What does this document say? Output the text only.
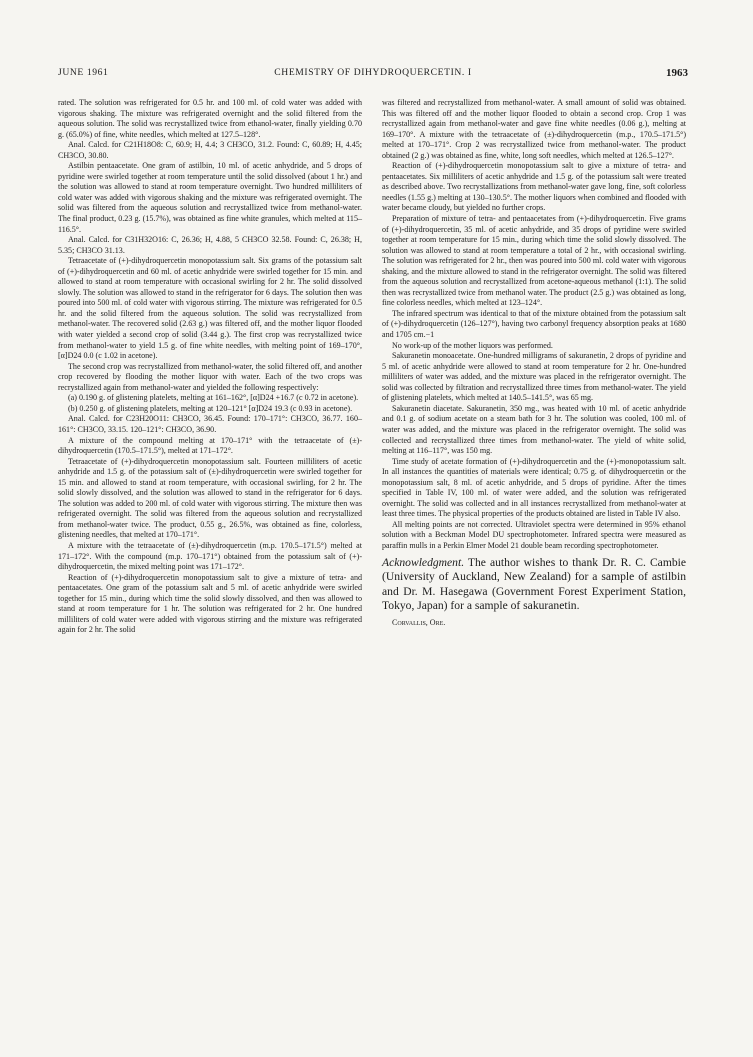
JUNE 1961	CHEMISTRY OF DIHYDROQUERCETIN. I	1963

rated. The solution was refrigerated for 0.5 hr. and 100 ml. of cold water was added with vigorous shaking. The mixture was refrigerated overnight and the solid filtered from the aqueous solution. The solid was recrystallized twice from ethanol-water, finally yielding 0.70 g. (65.0%) of fine, white needles, which melted at 127.5–128°.

Anal. Calcd. for C21H18O8: C, 60.9; H, 4.4; 3 CH3CO, 31.2. Found: C, 60.89; H, 4.45; CH3CO, 30.80.

Astilbin pentaacetate. One gram of astilbin, 10 ml. of acetic anhydride, and 5 drops of pyridine were swirled together at room temperature until the solid dissolved (about 1 hr.) and the solution was allowed to stand at room temperature overnight. Two hundred milliliters of cold water was added with vigorous shaking and the mixture was refrigerated overnight. The solid was filtered from the aqueous solution and recrystallized twice from methanol-water. The final product, 0.23 g. (15.7%), was obtained as fine white granules, which melted at 115–116.5°.

Anal. Calcd. for C31H32O16: C, 26.36; H, 4.88, 5 CH3CO 32.58. Found: C, 26.38; H, 5.35; CH3CO 31.13.

Tetraacetate of (+)-dihydroquercetin monopotassium salt. Six grams of the potassium salt of (+)-dihydroquercetin and 60 ml. of acetic anhydride were swirled together for 15 min. and allowed to stand at room temperature with occasional swirling for 2 hr. The solid dissolved slowly. The solution was allowed to stand in the refrigerator for 6 days. The solution then was poured into 500 ml. of cold water with vigorous stirring. The mixture was refrigerated for 0.5 hr. and the solid filtered from the aqueous solution. The solid was recrystallized from methanol-water. The recovered solid (2.63 g.) was filtered off, and the mother liquor flooded with water yielded a second crop of solid (3.44 g.). The first crop was recrystallized twice from methanol-water to yield 1.5 g. of fine white needles, with melting point of 169–170°, [α]D24 0.0 (c 1.02 in acetone).

The second crop was recrystallized from methanol-water, the solid filtered off, and another crop recovered by flooding the mother liquor with water. Each of the two crops was recrystallized again from methanol-water and yielded the following respectively:

(a) 0.190 g. of glistening platelets, melting at 161–162°, [α]D24 +16.7 (c 0.72 in acetone).

(b) 0.250 g. of glistening platelets, melting at 120–121° [α]D24 19.3 (c 0.93 in acetone).

Anal. Calcd. for C23H20O11: CH3CO, 36.45. Found: 170–171°: CH3CO, 36.77. 160–161°: CH3CO, 33.15. 120–121°: CH3CO, 36.90.

A mixture of the compound melting at 170–171° with the tetraacetate of (±)-dihydroquercetin (170.5–171.5°), melted at 171–172°.

Tetraacetate of (+)-dihydroquercetin monopotassium salt. Fourteen milliliters of acetic anhydride and 1.5 g. of the potassium salt of (±)-dihydroquercetin were swirled together for 15 min. and allowed to stand at room temperature, with occasional swirling, for 2 hr. The solid slowly dissolved, and the solution was allowed to stand in the refrigerator for 6 days. The solution was added to 200 ml. of cold water with vigorous stirring. The mixture then was refrigerated overnight. The solid was filtered from the aqueous solution and recrystallized from methanol-water twice. The product, 0.55 g., 26.5%, was obtained as fine, colorless, glistening needles, that melted at 170–171°.

A mixture with the tetraacetate of (±)-dihydroquercetin (m.p. 170.5–171.5°) melted at 171–172°. With the compound (m.p. 170–171°) obtained from the potassium salt of (+)-dihydroquercetin, the mixed melting point was 171–172°.

Reaction of (+)-dihydroquercetin monopotassium salt to give a mixture of tetra- and pentaacetates. One gram of the potassium salt and 5 ml. of acetic anhydride were swirled together for 15 min., during which time the solid slowly dissolved, and then was allowed to stand at room temperature for 1 hr. The solution was refrigerated for 2 hr. One hundred milliliters of cold water were added with vigorous stirring and the mixture was refrigerated again for 2 hr. The solid

was filtered and recrystallized from methanol-water. A small amount of solid was obtained. This was filtered off and the mother liquor flooded to obtain a second crop. Crop 1 was recrystallized again from methanol-water and gave fine white needles (0.06 g.), melting at 169–170°. A mixture with the tetraacetate of (±)-dihydroquercetin (m.p., 170.5–171.5°) melted at 170–171°. Crop 2 was recrystallized twice from methanol-water. The product obtained (2 g.) was obtained as fine, white, long soft needles, which melted at 126.5–127°.

Reaction of (+)-dihydroquercetin monopotassium salt to give a mixture of tetra- and pentaacetates. Six milliliters of acetic anhydride and 1.5 g. of the potassium salt were treated as described above. Two recrystallizations from methanol-water gave long, fine, soft colorless needles (1.55 g.) melting at 130–130.5°. The mother liquors when combined and flooded with water became cloudy, but yielded no further crops.

Preparation of mixture of tetra- and pentaacetates from (+)-dihydroquercetin. Five grams of (+)-dihydroquercetin, 35 ml. of acetic anhydride, and 35 drops of pyridine were swirled together at room temperature for 15 min., during which time the solid slowly dissolved. The solution was allowed to stand at room temperature a total of 2 hr., with occasional swirling. The solution was refrigerated for 2 hr., then was poured into 500 ml. cold water with vigorous shaking, and the mixture allowed to stand in the refrigerator overnight. The solid was filtered from the aqueous solution and recrystallized from acetone-aqueous methanol (1:1). The solid then was recrystallized twice from methanol water. The product (2.5 g.) was obtained as long, fine colorless needles, which melted at 123–124°.

The infrared spectrum was identical to that of the mixture obtained from the potassium salt of (+)-dihydroquercetin (126–127°), having two carbonyl frequency absorption peaks at 1680 and 1705 cm.−1

No work-up of the mother liquors was performed.

Sakuranetin monoacetate. One-hundred milligrams of sakuranetin, 2 drops of pyridine and 5 ml. of acetic anhydride were allowed to stand at room temperature for 2 hr. One-hundred milliliters of water was added, and the mixture was placed in the refrigerator overnight. The solid was collected by filtration and recrystallized three times from methanol-water. The yield of glistening platelets, which melted at 140.5–141.5°, was 65 mg.

Sakuranetin diacetate. Sakuranetin, 350 mg., was heated with 10 ml. of acetic anhydride and 0.1 g. of sodium acetate on a steam bath for 3 hr. The solution was cooled, 100 ml. of water was added, and the mixture was placed in the refrigerator overnight. The solid was collected and recrystallized three times from methanol-water. The yield of white solid, melting at 116–117°, was 150 mg.

Time study of acetate formation of (+)-dihydroquercetin and the (+)-monopotassium salt. In all instances the quantities of materials were identical; 0.75 g. of dihydroquercetin or the monopotassium salt, 8 ml. of acetic anhydride, and 5 drops of pyridine. After the times specified in Table IV, 100 ml. of water were added, and the solution was refrigerated overnight. The solid was collected and in all instances recrystallized from methanol-water at least three times. The physical properties of the products obtained are listed in Table IV also.

All melting points are not corrected. Ultraviolet spectra were determined in 95% ethanol solution with a Beckman Model DU spectrophotometer. Infrared spectra were measured as paraffin mulls in a Perkin Elmer Model 21 double beam recording spectrophotometer.

Acknowledgment. The author wishes to thank Dr. R. C. Cambie (University of Auckland, New Zealand) for a sample of astilbin and Dr. M. Hasegawa (Government Forest Experiment Station, Tokyo, Japan) for a sample of sakuranetin.

Corvallis, Ore.
